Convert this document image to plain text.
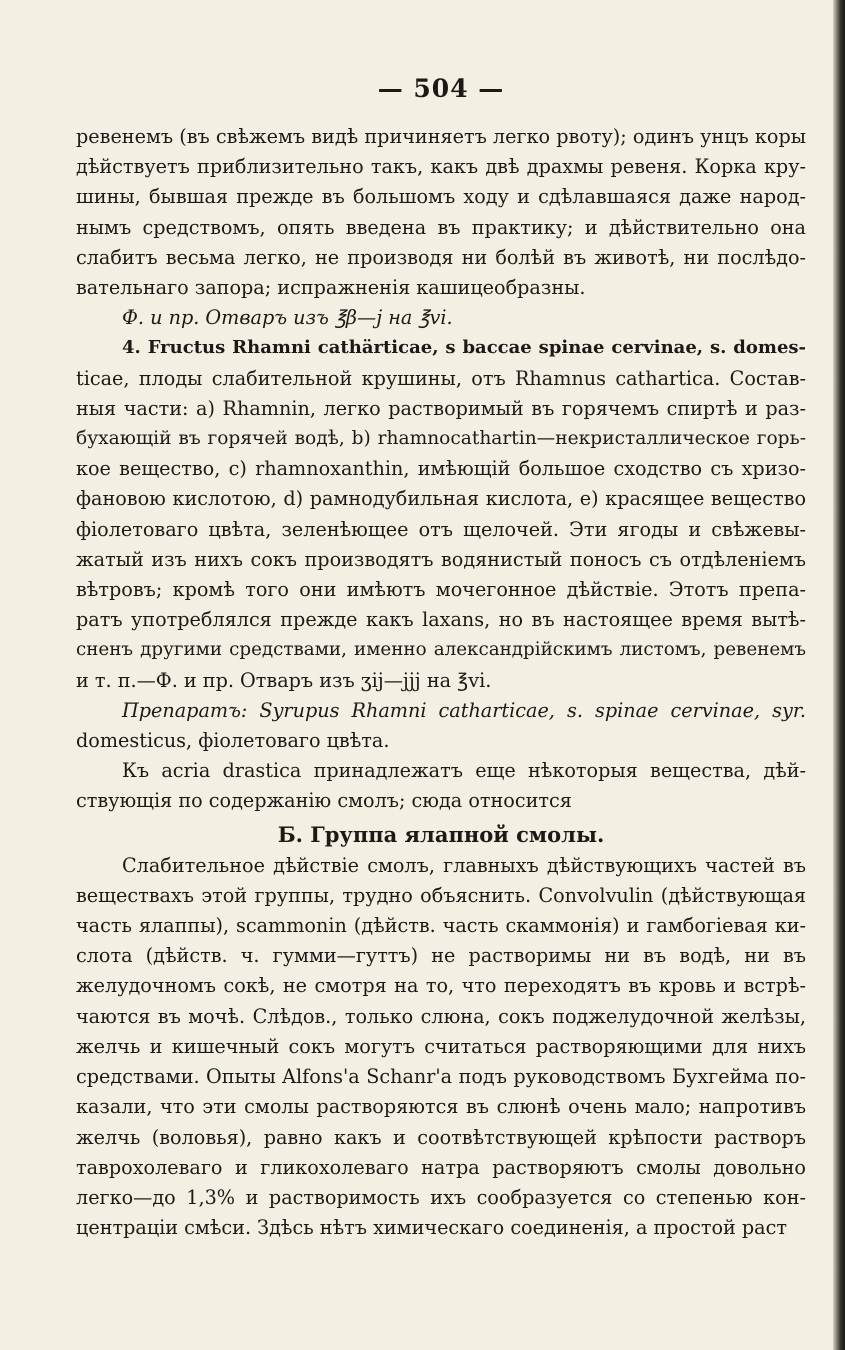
— 504 —
ревенемъ (въ свѣжемъ видѣ причиняетъ легко рвоту); одинъ унцъ коры
дѣйствуетъ приблизительно такъ, какъ двѣ драхмы ревеня. Корка кру-
шины, бывшая прежде въ большомъ ходу и сдѣлавшаяся даже народ-
нымъ средствомъ, опять введена въ практику; и дѣйствительно она
слабитъ весьма легко, не производя ни болѣй въ животѣ, ни послѣдо-
вательнаго запора; испражненія кашицеобразны.
Ф. и пр. Отваръ изъ ℥β—j на ℥vi.
4. Fructus Rhamni cathärticae, s baccae spinae cervinae, s. domes-
ticae, плоды слабительной крушины, отъ Rhamnus cathartica. Состав-
ныя части: a) Rhamnin, легко растворимый въ горячемъ спиртѣ и раз-
бухающій въ горячей водѣ, b) rhamnocathartin—некристаллическое горь-
кое вещество, c) rhamnoxanthin, имѣющій большое сходство съ хризо-
фановою кислотою, d) рамнодубильная кислота, e) красящее вещество
фіолетоваго цвѣта, зеленѣющее отъ щелочей. Эти ягоды и свѣжевы-
жатый изъ нихъ сокъ производятъ водянистый поносъ съ отдѣленіемъ
вѣтровъ; кромѣ того они имѣютъ мочегонное дѣйствіе. Этотъ препа-
ратъ употреблялся прежде какъ laxans, но въ настоящее время вытѣ-
сненъ другими средствами, именно александрійскимъ листомъ, ревенемъ
и т. п.—Ф. и пр. Отваръ изъ ʒij—jjj на ℥vi.
Препаратъ: Syrupus Rhamni catharticae, s. spinae cervinae, syr.
domesticus, фіолетоваго цвѣта.
Къ acria drastica принадлежатъ еще нѣкоторыя вещества, дѣй-
ствующія по содержанію смолъ; сюда относится
Б. Группа ялапной смолы.
Слабительное дѣйствіе смолъ, главныхъ дѣйствующихъ частей въ
веществахъ этой группы, трудно объяснить. Convolvulin (дѣйствующая
часть ялаппы), scammonin (дѣйств. часть скаммонія) и гамбогіевая ки-
слота (дѣйств. ч. гумми—гуттъ) не растворимы ни въ водѣ, ни въ
желудочномъ сокѣ, не смотря на то, что переходятъ въ кровь и встрѣ-
чаются въ мочѣ. Слѣдов., только слюна, сокъ поджелудочной желѣзы,
желчь и кишечный сокъ могутъ считаться растворяющими для нихъ
средствами. Опыты Alfons'a Schanr'a подъ руководствомъ Бухгейма по-
казали, что эти смолы растворяются въ слюнѣ очень мало; напротивъ
желчь (воловья), равно какъ и соотвѣтствующей крѣпости растворъ
таврохолеваго и гликохолеваго натра растворяютъ смолы довольно
легко—до 1,3% и растворимость ихъ сообразуется со степенью кон-
центраціи смѣси. Здѣсь нѣтъ химическаго соединенія, а простой раст
